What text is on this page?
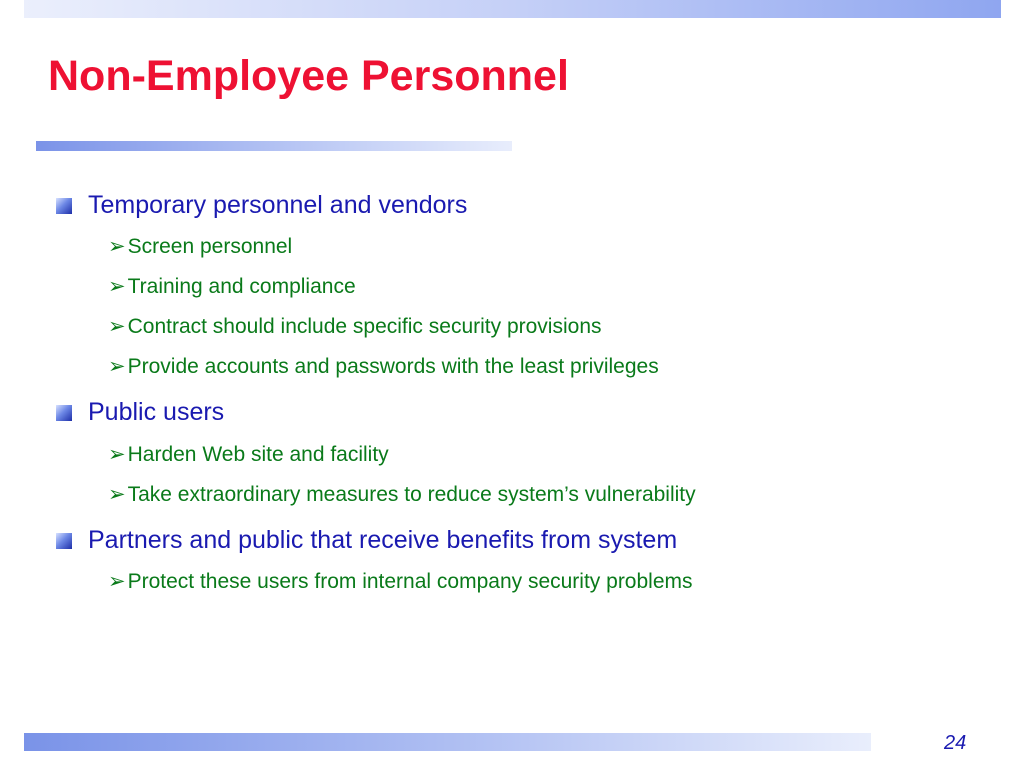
Non-Employee Personnel
Temporary personnel and vendors
➢Screen personnel
➢Training and compliance
➢Contract should include specific security provisions
➢Provide accounts and passwords with the least privileges
Public users
➢Harden Web site and facility
➢Take extraordinary measures to reduce system’s vulnerability
Partners and public that receive benefits from system
➢Protect these users from internal company security problems
24
